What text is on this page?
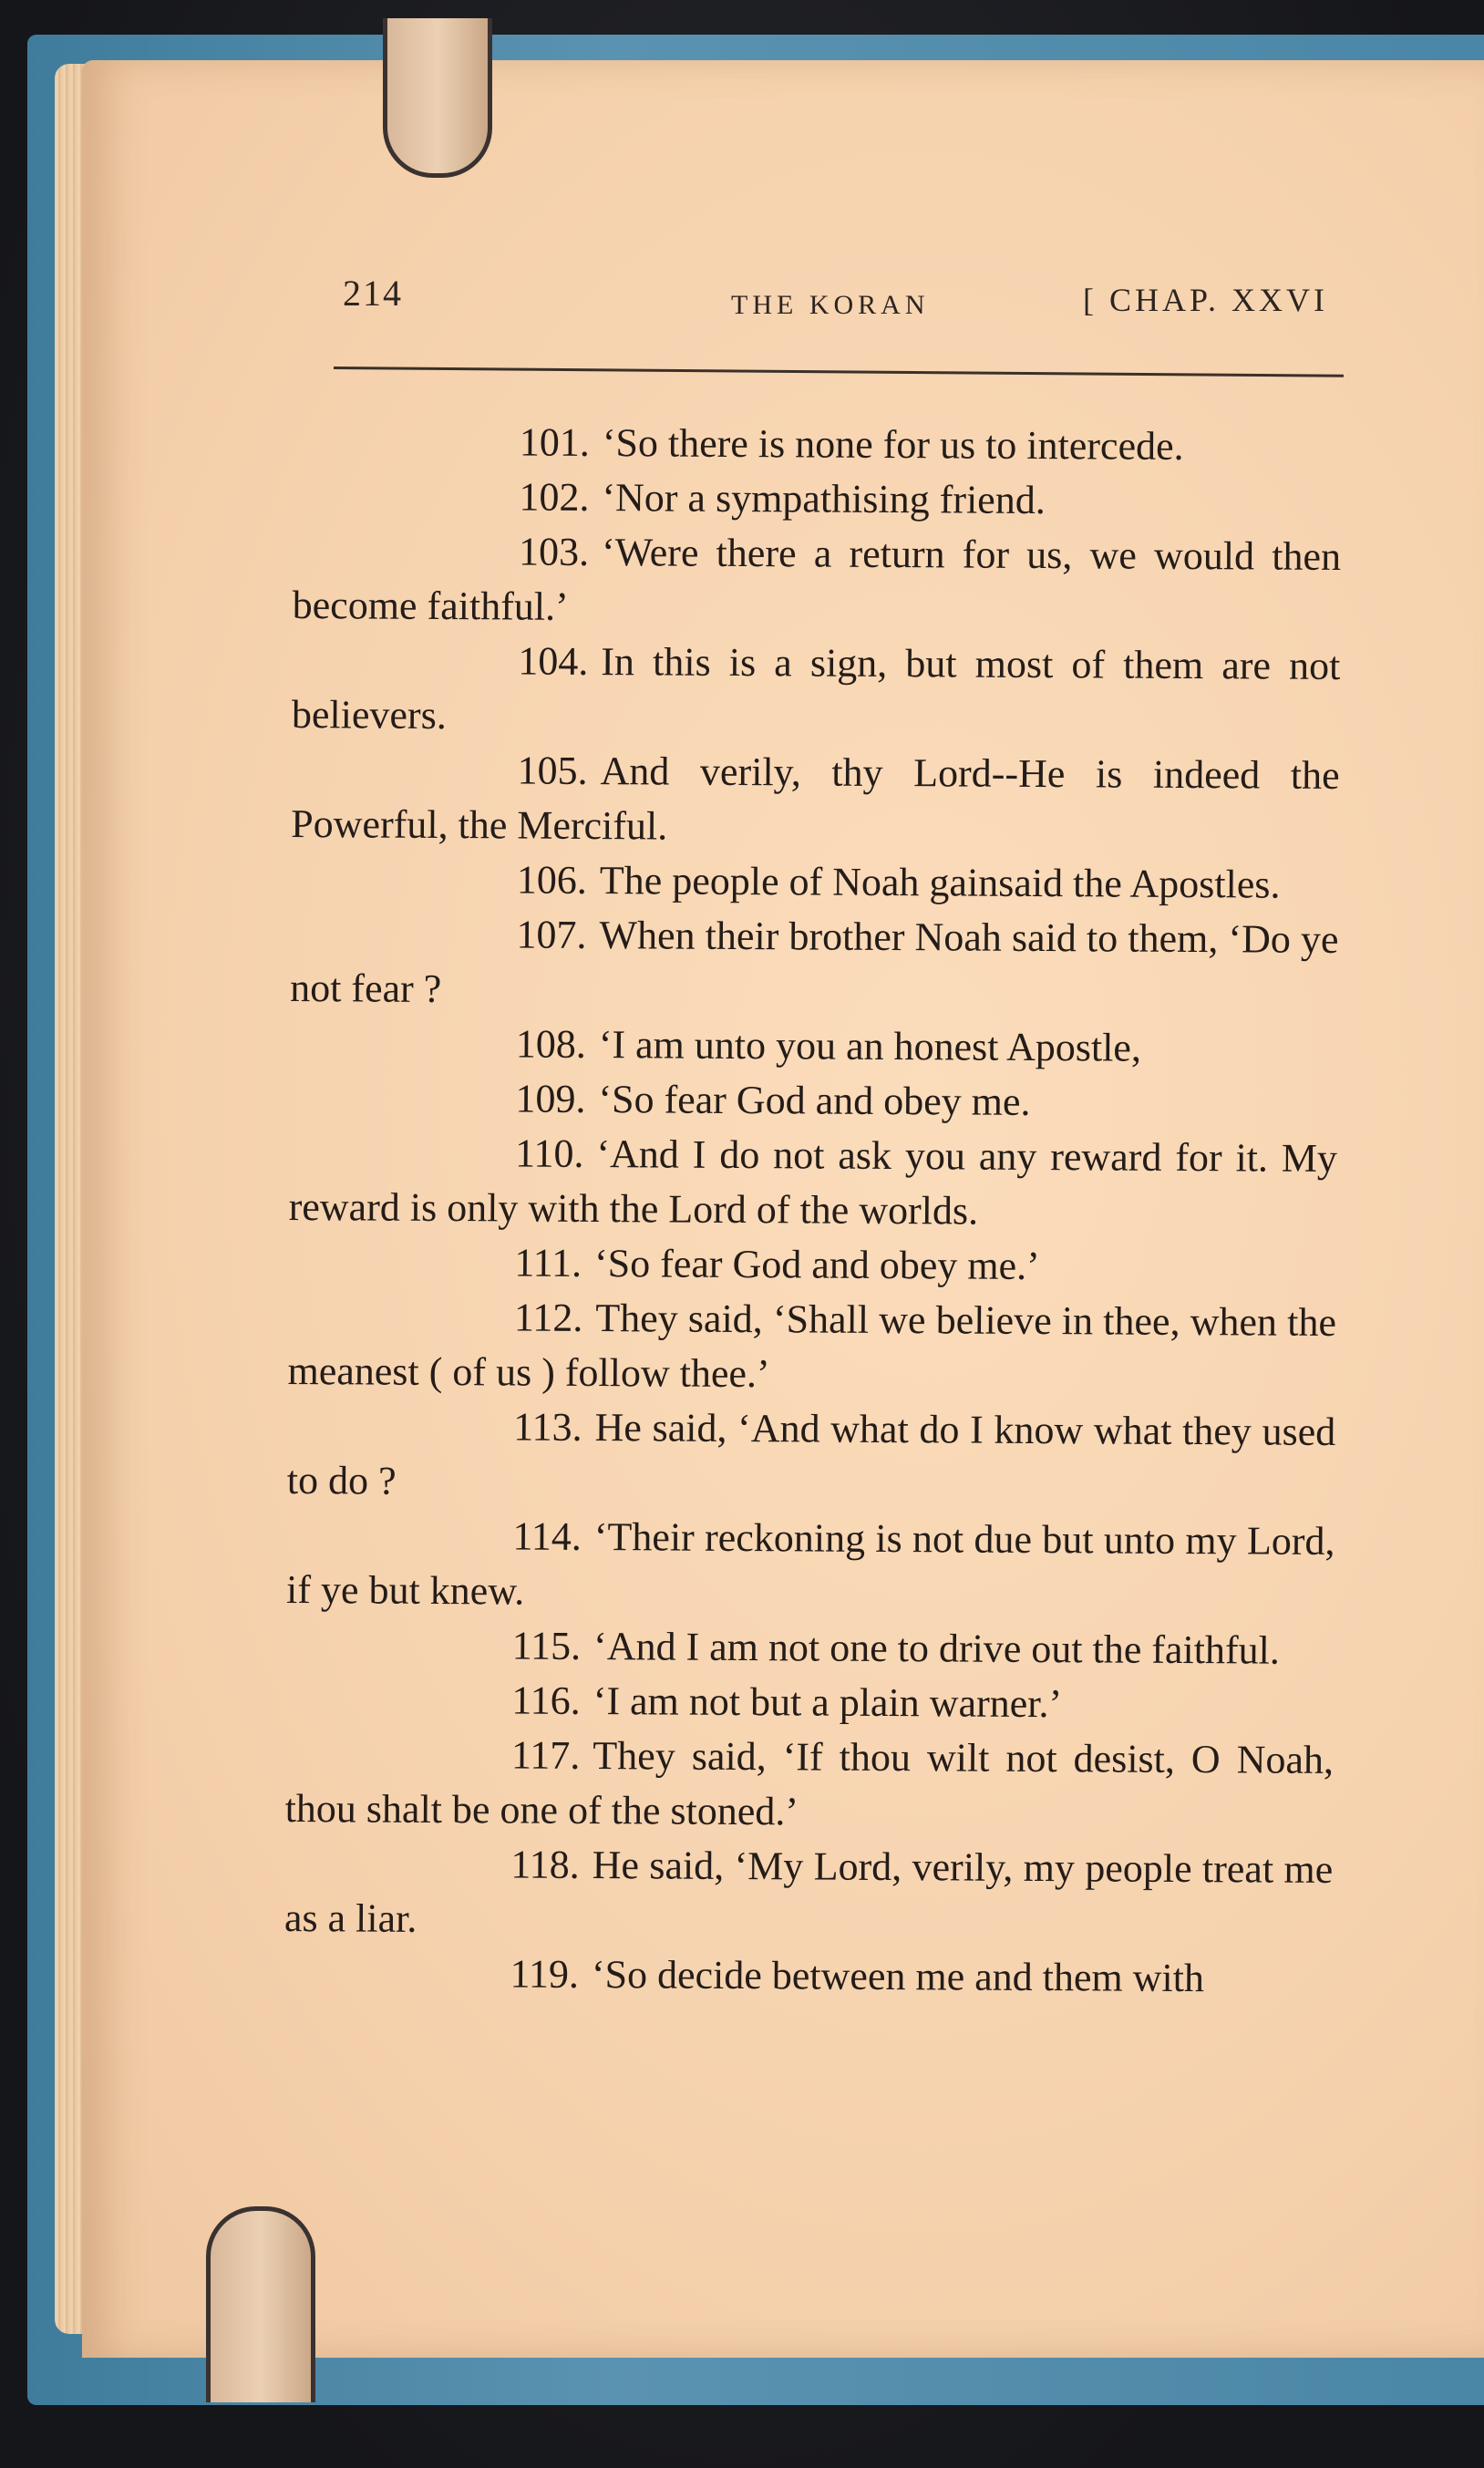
214	THE KORAN	[ CHAP. XXVI

101. ‘So there is none for us to intercede.

102. ‘Nor a sympathising friend.

103. ‘Were there a return for us, we would then become faithful.’

104. In this is a sign, but most of them are not believers.

105. And verily, thy Lord--He is indeed the Powerful, the Merciful.

106. The people of Noah gainsaid the Apostles.

107. When their brother Noah said to them, ‘Do ye not fear ?

108. ‘I am unto you an honest Apostle,

109. ‘So fear God and obey me.

110. ‘And I do not ask you any reward for it. My reward is only with the Lord of the worlds.

111. ‘So fear God and obey me.’

112. They said, ‘Shall we believe in thee, when the meanest ( of us ) follow thee.’

113. He said, ‘And what do I know what they used to do ?

114. ‘Their reckoning is not due but unto my Lord, if ye but knew.

115. ‘And I am not one to drive out the faithful.

116. ‘I am not but a plain warner.’

117. They said, ‘If thou wilt not desist, O Noah, thou shalt be one of the stoned.’

118. He said, ‘My Lord, verily, my people treat me as a liar.

119. ‘So decide between me and them with
